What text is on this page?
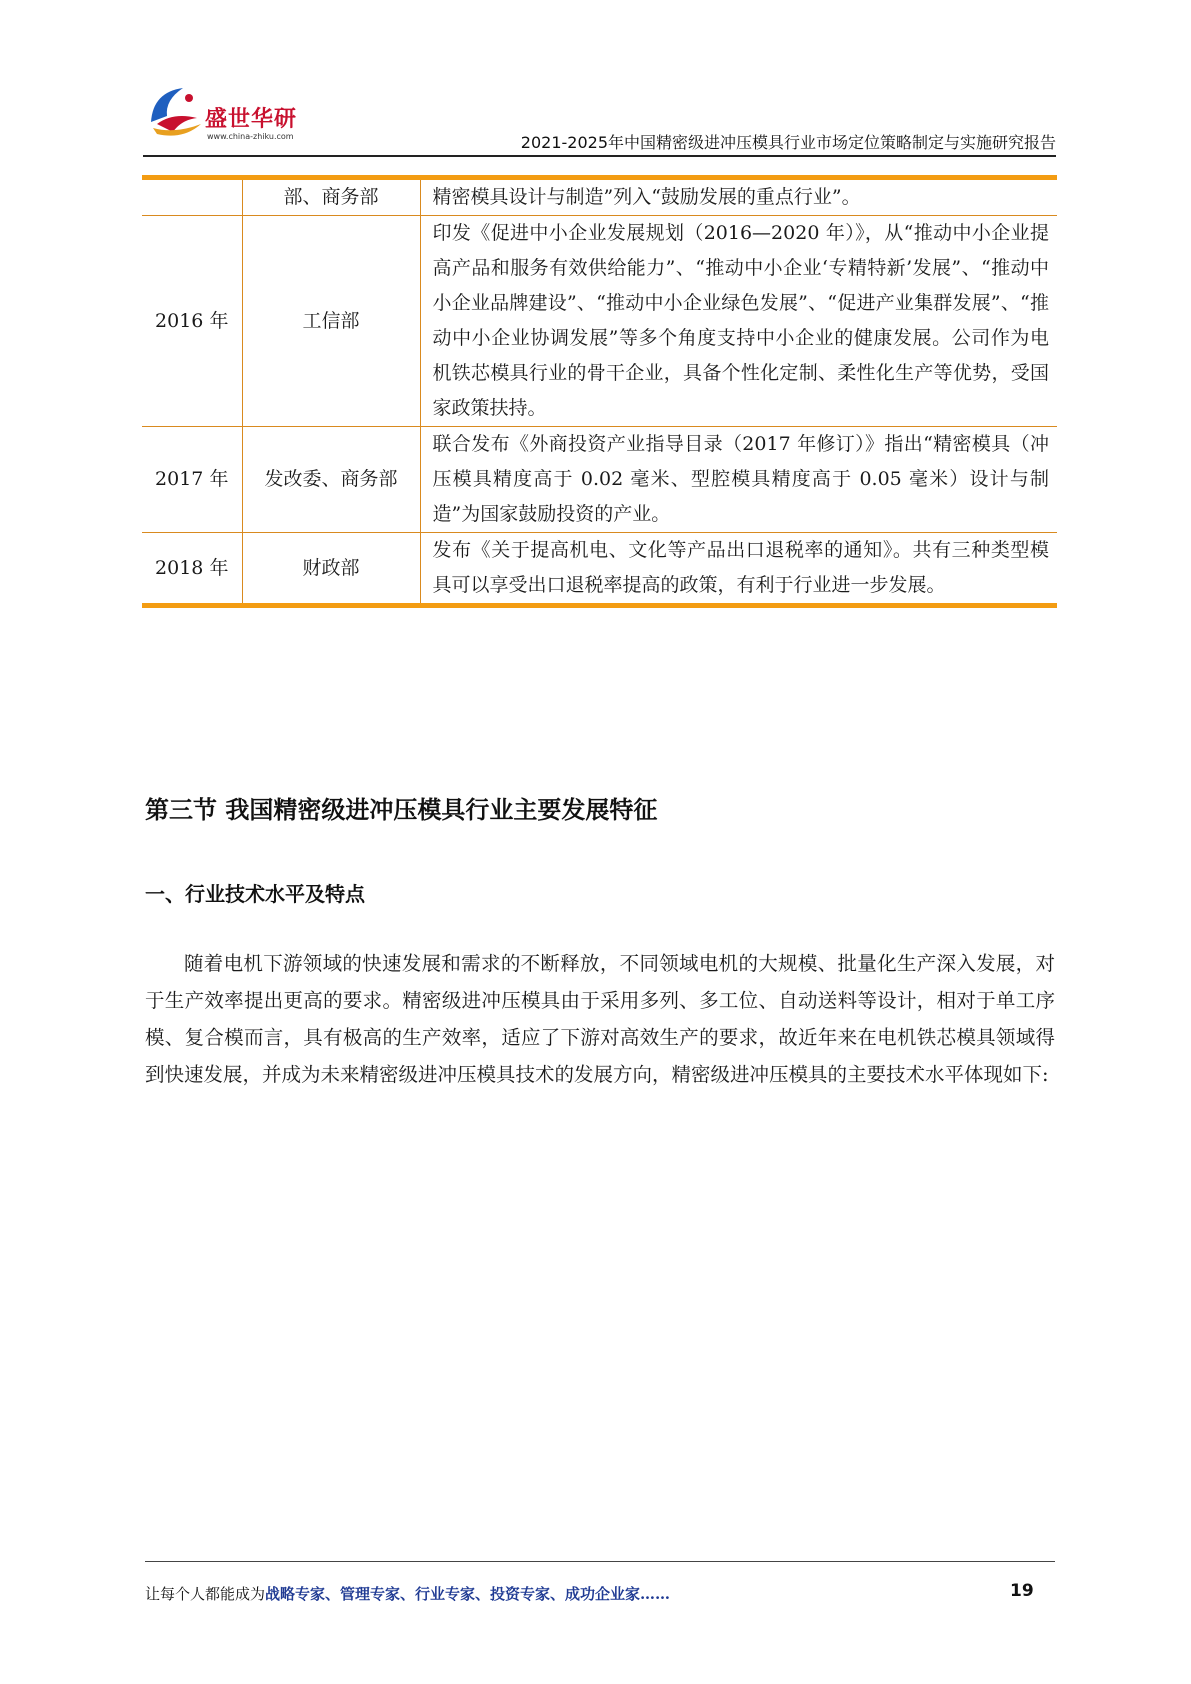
盛世华研
www.china-zhiku.com	2021-2025年中国精密级进冲压模具行业市场定位策略制定与实施研究报告
	部、商务部	精密模具设计与制造”列入“鼓励发展的重点行业”。
2016 年	工信部	印发《促进中小企业发展规划（2016—2020 年）》，从“推动中小企业提高产品和服务有效供给能力”、“推动中小企业‘专精特新’发展”、“推动中小企业品牌建设”、“推动中小企业绿色发展”、“促进产业集群发展”、“推动中小企业协调发展”等多个角度支持中小企业的健康发展。公司作为电机铁芯模具行业的骨干企业，具备个性化定制、柔性化生产等优势，受国家政策扶持。
2017 年	发改委、商务部	联合发布《外商投资产业指导目录（2017 年修订）》指出“精密模具（冲压模具精度高于 0.02 毫米、型腔模具精度高于 0.05 毫米）设计与制造”为国家鼓励投资的产业。
2018 年	财政部	发布《关于提高机电、文化等产品出口退税率的通知》。共有三种类型模具可以享受出口退税率提高的政策，有利于行业进一步发展。
第三节 我国精密级进冲压模具行业主要发展特征
一、行业技术水平及特点

随着电机下游领域的快速发展和需求的不断释放，不同领域电机的大规模、批量化生产深入发展，对于生产效率提出更高的要求。精密级进冲压模具由于采用多列、多工位、自动送料等设计，相对于单工序模、复合模而言，具有极高的生产效率，适应了下游对高效生产的要求，故近年来在电机铁芯模具领域得到快速发展，并成为未来精密级进冲压模具技术的发展方向，精密级进冲压模具的主要技术水平体现如下:

让每个人都能成为战略专家、管理专家、行业专家、投资专家、成功企业家……	19
